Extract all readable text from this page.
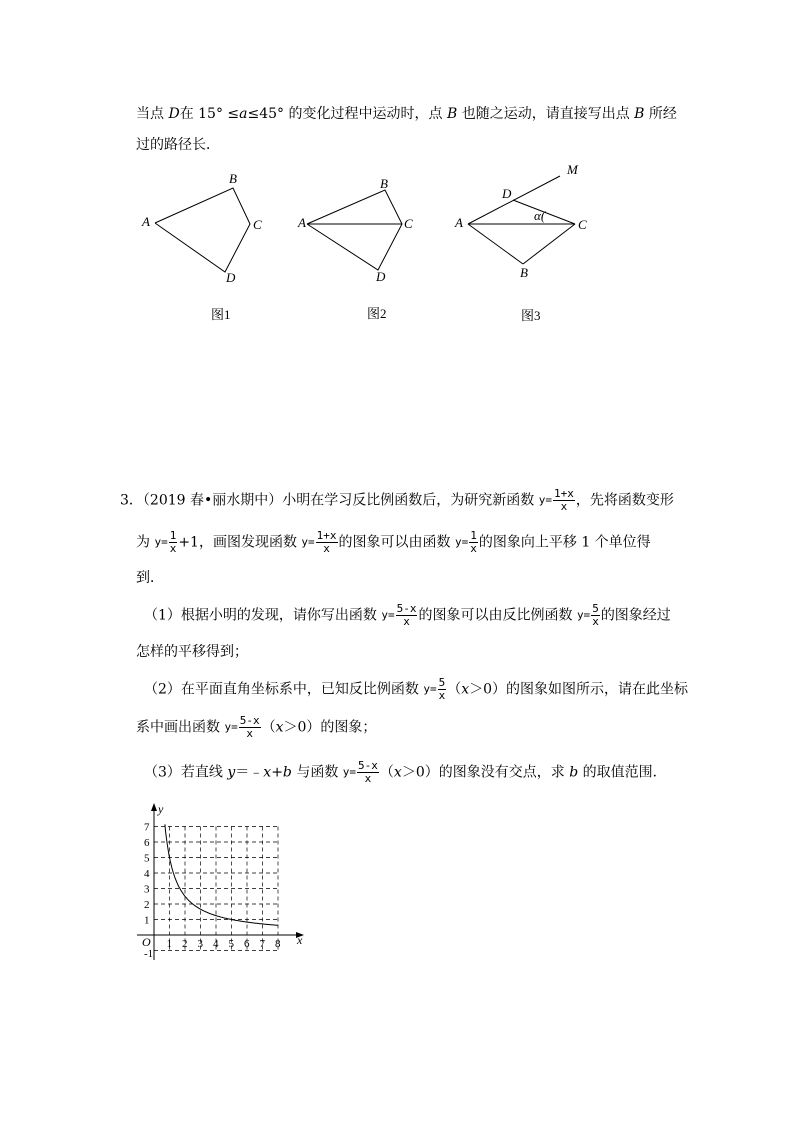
当点 D在 15° ≤a≤45° 的变化过程中运动时，点 B 也随之运动，请直接写出点 B 所经
过的路径长．
A
B
C
D
图1
A
B
C
D
图2
A
D
M
α(
C
B
图3
3．（2019 春•丽水期中）小明在学习反比例函数后，为研究新函数 $y= \frac{1+x}{x}$ ，先将函数变形
为 $y= \frac{1}{x} +1$，画图发现函数 $y= \frac{1+x}{x}$ 的图象可以由函数 $y= \frac{1}{x}$ 的图象向上平移 1 个单位得
到．
（1）根据小明的发现，请你写出函数 $y= \frac{5-x}{x}$ 的图象可以由反比例函数 $y= \frac{5}{x}$ 的图象经过
怎样的平移得到；
（2）在平面直角坐标系中，已知反比例函数 $y= \frac{5}{x} (x>0)$的图象如图所示，请在此坐标
系中画出函数 $y= \frac{5-x}{x} (x>0)$的图象；
（3）若直线 y＝﹣x+b 与函数 $y= \frac{5-x}{x} (x>0)$的图象没有交点，求 b 的取值范围．
y
x
O 1 2 3 4 5 6 7 8
1
2
3
4
5
6
7
-1
